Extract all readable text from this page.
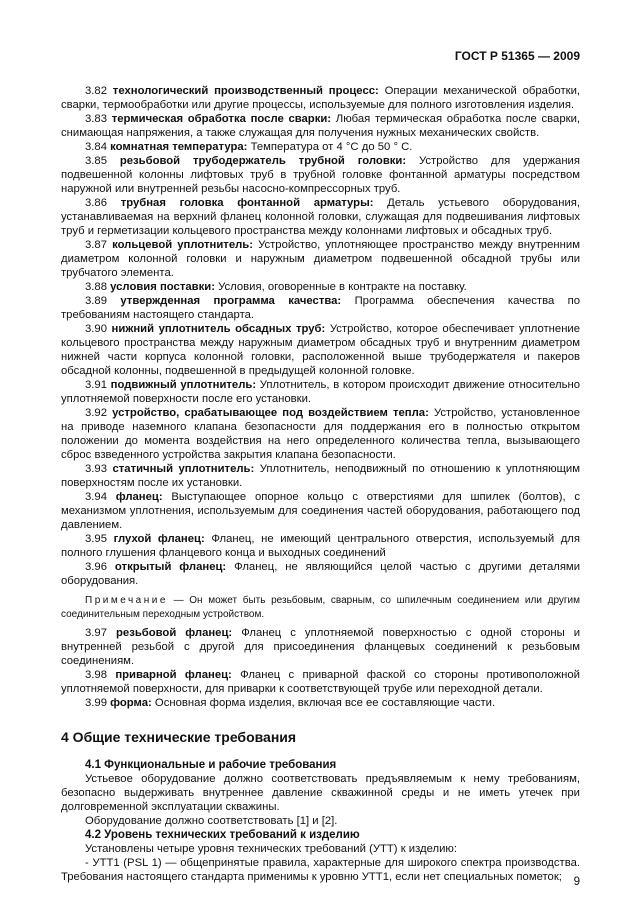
ГОСТ Р 51365 — 2009

3.82 технологический производственный процесс: Операции механической обработки, сварки, термообработки или другие процессы, используемые для полного изготовления изделия.

3.83 термическая обработка после сварки: Любая термическая обработка после сварки, снимающая напряжения, а также служащая для получения нужных механических свойств.

3.84 комнатная температура: Температура от 4 °С до 50 ° С.

3.85 резьбовой трубодержатель трубной головки: Устройство для удержания подвешенной колонны лифтовых труб в трубной головке фонтанной арматуры посредством наружной или внутренней резьбы насосно-компрессорных труб.

3.86 трубная головка фонтанной арматуры: Деталь устьевого оборудования, устанавливаемая на верхний фланец колонной головки, служащая для подвешивания лифтовых труб и герметизации кольцевого пространства между колоннами лифтовых и обсадных труб.

3.87 кольцевой уплотнитель: Устройство, уплотняющее пространство между внутренним диаметром колонной головки и наружным диаметром подвешенной обсадной трубы или трубчатого элемента.

3.88 условия поставки: Условия, оговоренные в контракте на поставку.

3.89 утвержденная программа качества: Программа обеспечения качества по требованиям настоящего стандарта.

3.90 нижний уплотнитель обсадных труб: Устройство, которое обеспечивает уплотнение кольцевого пространства между наружным диаметром обсадных труб и внутренним диаметром нижней части корпуса колонной головки, расположенной выше трубодержателя и пакеров обсадной колонны, подвешенной в предыдущей колонной головке.

3.91 подвижный уплотнитель: Уплотнитель, в котором происходит движение относительно уплотняемой поверхности после его установки.

3.92 устройство, срабатывающее под воздействием тепла: Устройство, установленное на приводе наземного клапана безопасности для поддержания его в полностью открытом положении до момента воздействия на него определенного количества тепла, вызывающего сброс взведенного устройства закрытия клапана безопасности.

3.93 статичный уплотнитель: Уплотнитель, неподвижный по отношению к уплотняющим поверхностям после их установки.

3.94 фланец: Выступающее опорное кольцо с отверстиями для шпилек (болтов), с механизмом уплотнения, используемым для соединения частей оборудования, работающего под давлением.

3.95 глухой фланец: Фланец, не имеющий центрального отверстия, используемый для полного глушения фланцевого конца и выходных соединений

3.96 открытый фланец: Фланец, не являющийся целой частью с другими деталями оборудования.

Примечание — Он может быть резьбовым, сварным, со шпилечным соединением или другим соединительным переходным устройством.

3.97 резьбовой фланец: Фланец с уплотняемой поверхностью с одной стороны и внутренней резьбой с другой для присоединения фланцевых соединений к резьбовым соединениям.

3.98 приварной фланец: Фланец с приварной фаской со стороны противоположной уплотняемой поверхности, для приварки к соответствующей трубе или переходной детали.

3.99 форма: Основная форма изделия, включая все ее составляющие части.

4 Общие технические требования
4.1 Функциональные и рабочие требования

Устьевое оборудование должно соответствовать предъявляемым к нему требованиям, безопасно выдерживать внутреннее давление скважинной среды и не иметь утечек при долговременной эксплуатации скважины.

Оборудование должно соответствовать [1] и [2].

4.2 Уровень технических требований к изделию

Установлены четыре уровня технических требований (УТТ) к изделию:

- УТТ1 (PSL 1) — общепринятые правила, характерные для широкого спектра производства. Требования настоящего стандарта применимы к уровню УТТ1, если нет специальных пометок;	9
